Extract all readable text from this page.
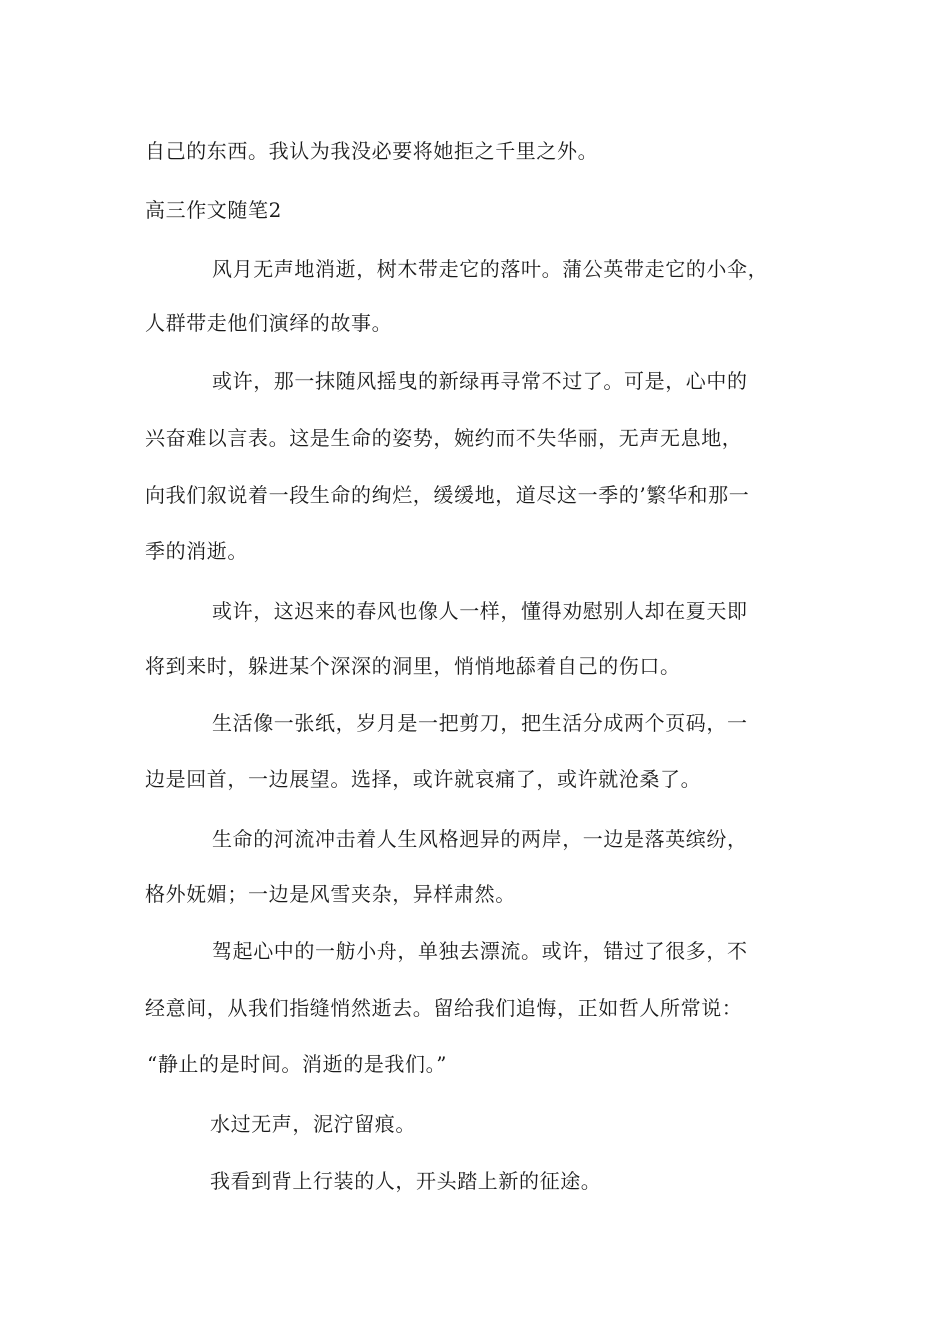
自己的东西。我认为我没必要将她拒之千里之外。
高三作文随笔2
风月无声地消逝，树木带走它的落叶。蒲公英带走它的小伞，
人群带走他们演绎的故事。
或许，那一抹随风摇曳的新绿再寻常不过了。可是，心中的
兴奋难以言表。这是生命的姿势，婉约而不失华丽，无声无息地，
向我们叙说着一段生命的绚烂，缓缓地，道尽这一季的’繁华和那一
季的消逝。
或许，这迟来的春风也像人一样，懂得劝慰别人却在夏天即
将到来时，躲进某个深深的洞里，悄悄地舔着自己的伤口。
生活像一张纸，岁月是一把剪刀，把生活分成两个页码，一
边是回首，一边展望。选择，或许就哀痛了，或许就沧桑了。
生命的河流冲击着人生风格迥异的两岸，一边是落英缤纷，
格外妩媚；一边是风雪夹杂，异样肃然。
驾起心中的一舫小舟，单独去漂流。或许，错过了很多，不
经意间，从我们指缝悄然逝去。留给我们追悔，正如哲人所常说：
“静止的是时间。消逝的是我们。”
水过无声，泥泞留痕。
我看到背上行装的人，开头踏上新的征途。
